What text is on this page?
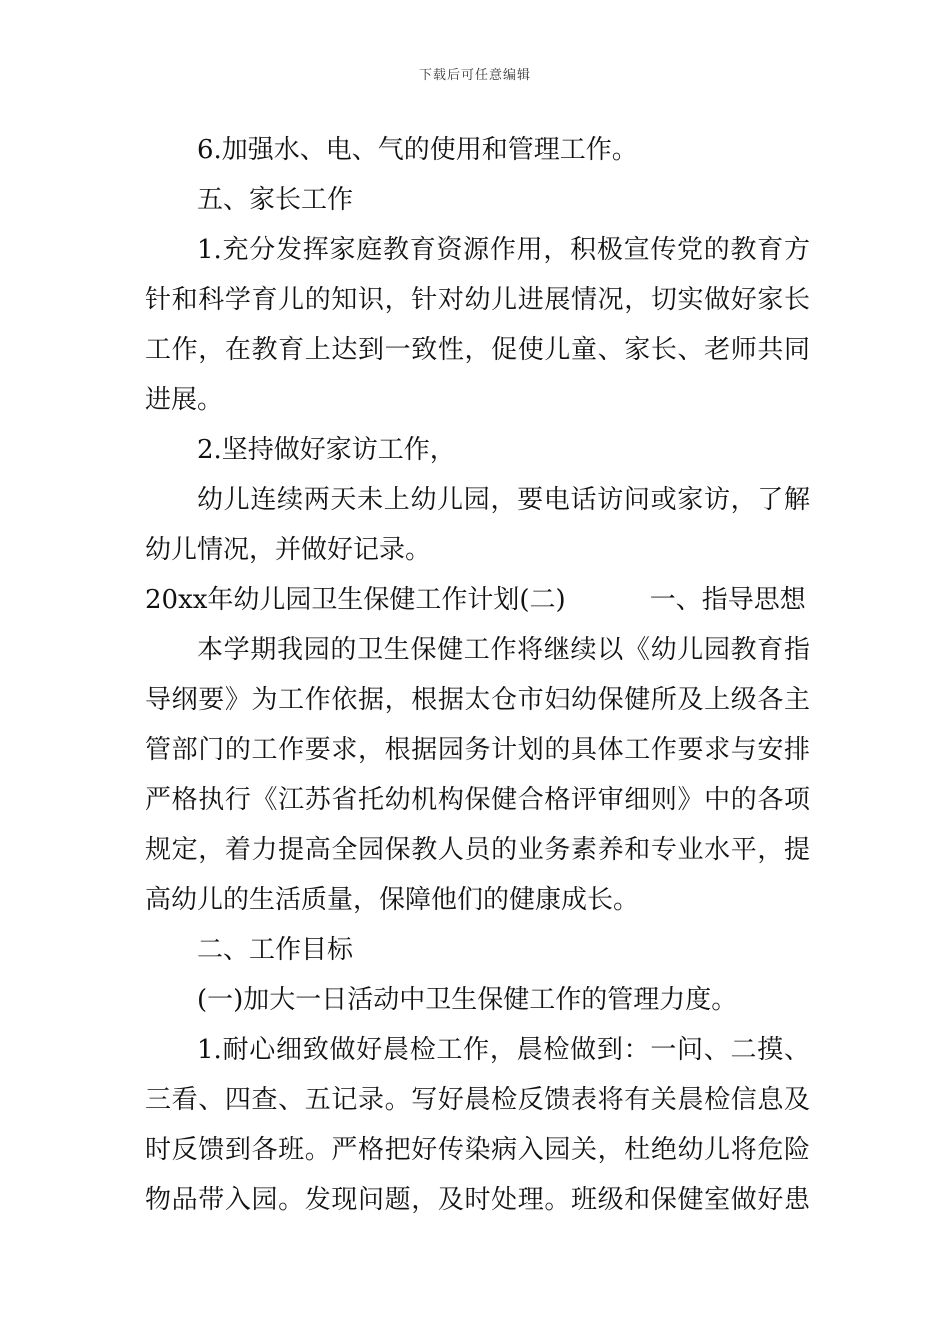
下载后可任意编辑
6.加强水、电、气的使用和管理工作。
五、家长工作
1.充分发挥家庭教育资源作用，积极宣传党的教育方
针和科学育儿的知识，针对幼儿进展情况，切实做好家长
工作，在教育上达到一致性，促使儿童、家长、老师共同
进展。
2.坚持做好家访工作，
幼儿连续两天未上幼儿园，要电话访问或家访，了解
幼儿情况，并做好记录。
20xx年幼儿园卫生保健工作计划(二)	一、指导思想
本学期我园的卫生保健工作将继续以《幼儿园教育指
导纲要》为工作依据，根据太仓市妇幼保健所及上级各主
管部门的工作要求，根据园务计划的具体工作要求与安排
严格执行《江苏省托幼机构保健合格评审细则》中的各项
规定，着力提高全园保教人员的业务素养和专业水平，提
高幼儿的生活质量，保障他们的健康成长。
二、工作目标
(一)加大一日活动中卫生保健工作的管理力度。
1.耐心细致做好晨检工作，晨检做到：一问、二摸、
三看、四查、五记录。写好晨检反馈表将有关晨检信息及
时反馈到各班。严格把好传染病入园关，杜绝幼儿将危险
物品带入园。发现问题，及时处理。班级和保健室做好患
